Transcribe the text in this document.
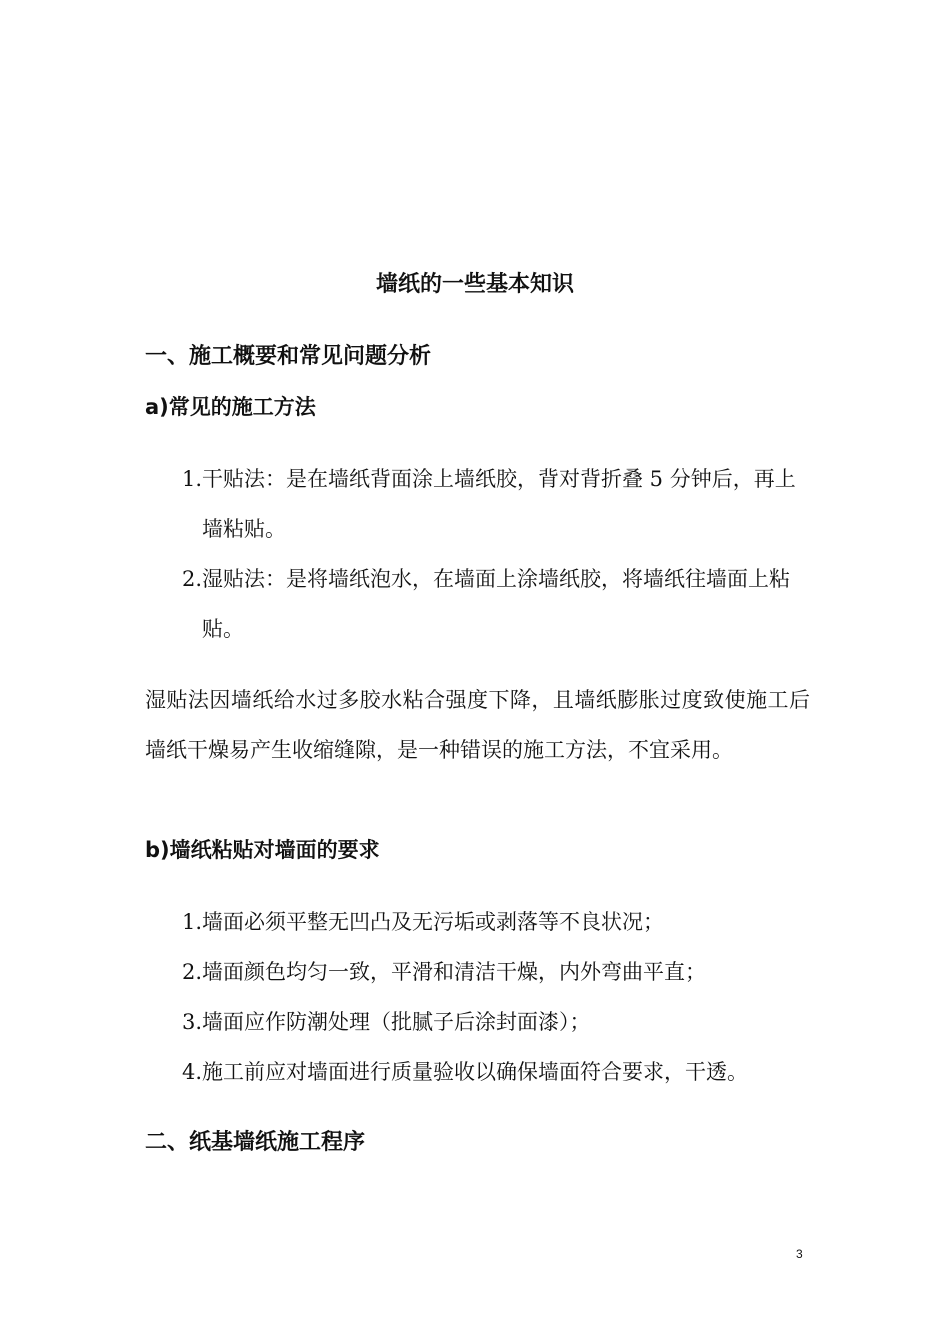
墙纸的一些基本知识
一、施工概要和常见问题分析
a)常见的施工方法
1. 干贴法：是在墙纸背面涂上墙纸胶，背对背折叠 5 分钟后，再上墙粘贴。
2. 湿贴法：是将墙纸泡水，在墙面上涂墙纸胶，将墙纸往墙面上粘贴。

湿贴法因墙纸给水过多胶水粘合强度下降，且墙纸膨胀过度致使施工后墙纸干燥易产生收缩缝隙，是一种错误的施工方法，不宜采用。

b)墙纸粘贴对墙面的要求
1. 墙面必须平整无凹凸及无污垢或剥落等不良状况；
2. 墙面颜色均匀一致，平滑和清洁干燥，内外弯曲平直；
3. 墙面应作防潮处理（批腻子后涂封面漆）；
4. 施工前应对墙面进行质量验收以确保墙面符合要求，干透。
二、纸基墙纸施工程序
3
